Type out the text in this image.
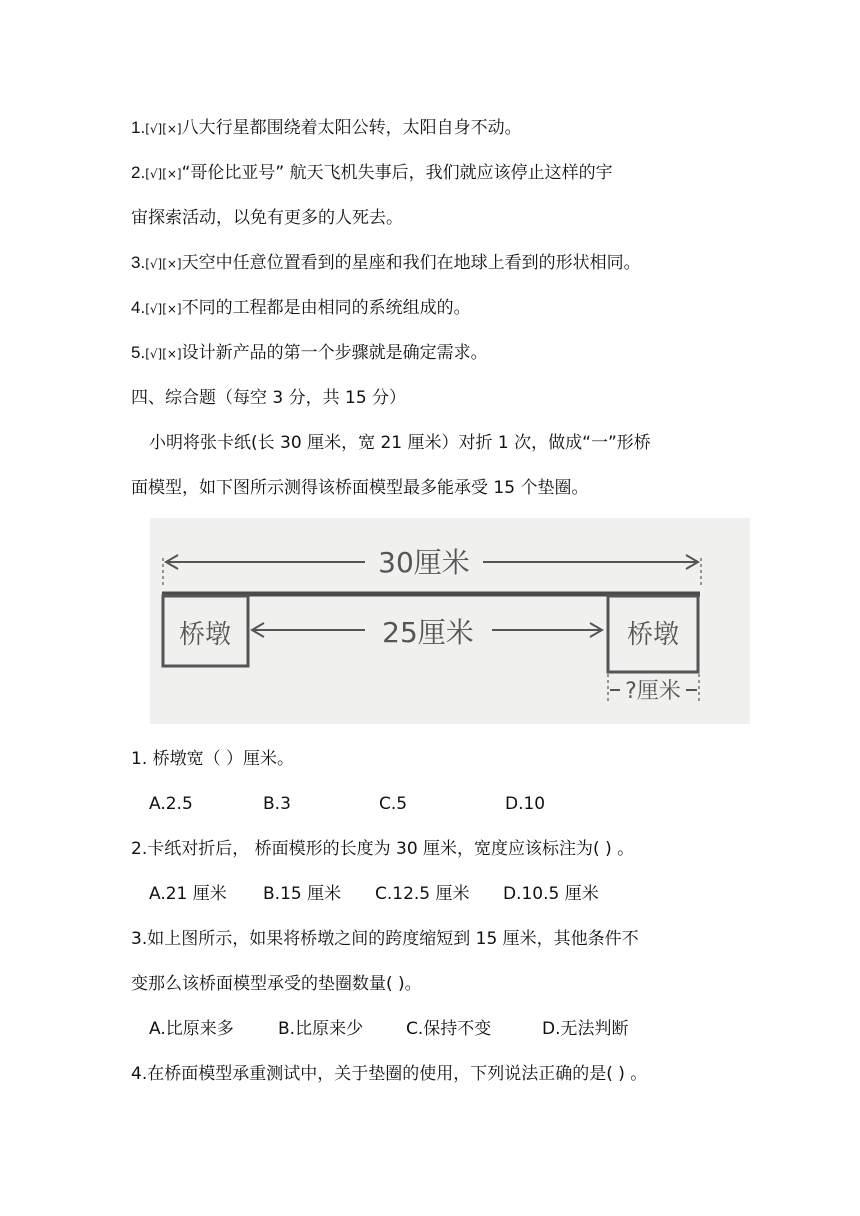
1.[√][×]八大行星都围绕着太阳公转，太阳自身不动。
2.[√][×]“哥伦比亚号” 航天飞机失事后，我们就应该停止这样的宇
宙探索活动，以免有更多的人死去。
3.[√][×]天空中任意位置看到的星座和我们在地球上看到的形状相同。
4.[√][×]不同的工程都是由相同的系统组成的。
5.[√][×]设计新产品的第一个步骤就是确定需求。
四、综合题（每空 3 分，共 15 分）
小明将张卡纸(长 30 厘米，宽 21 厘米）对折 1 次，做成“一”形桥
面模型，如下图所示测得该桥面模型最多能承受 15 个垫圈。
30厘米
桥墩	桥墩
25厘米
?厘米
1. 桥墩宽（ ）厘米。
A.2.5	B.3	C.5	D.10
2.卡纸对折后， 桥面模形的长度为 30 厘米，宽度应该标注为( ) 。
A.21 厘米 B.15 厘米 C.12.5 厘米 D.10.5 厘米
3.如上图所示，如果将桥墩之间的跨度缩短到 15 厘米，其他条件不
变那么该桥面模型承受的垫圈数量( )。
A.比原来多	B.比原来少	C.保持不变	D.无法判断
4.在桥面模型承重测试中，关于垫圈的使用，下列说法正确的是( ) 。
